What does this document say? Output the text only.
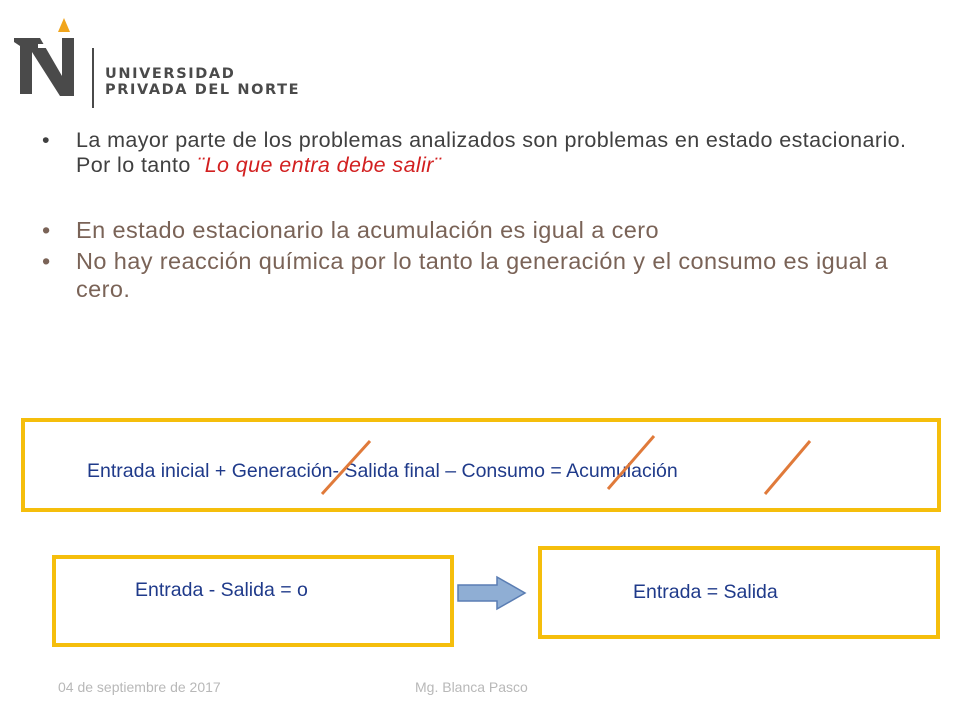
UNIVERSIDAD
PRIVADA DEL NORTE
• La mayor parte de los problemas analizados son problemas en estado estacionario. Por lo tanto ¨Lo que entra debe salir¨
• En estado estacionario la acumulación es igual a cero
• No hay reacción química por lo tanto la generación y el consumo es igual a cero.
Entrada inicial + Generación- Salida final – Consumo = Acumulación
Entrada - Salida = o	Entrada = Salida
04 de septiembre de 2017	Mg. Blanca Pasco
